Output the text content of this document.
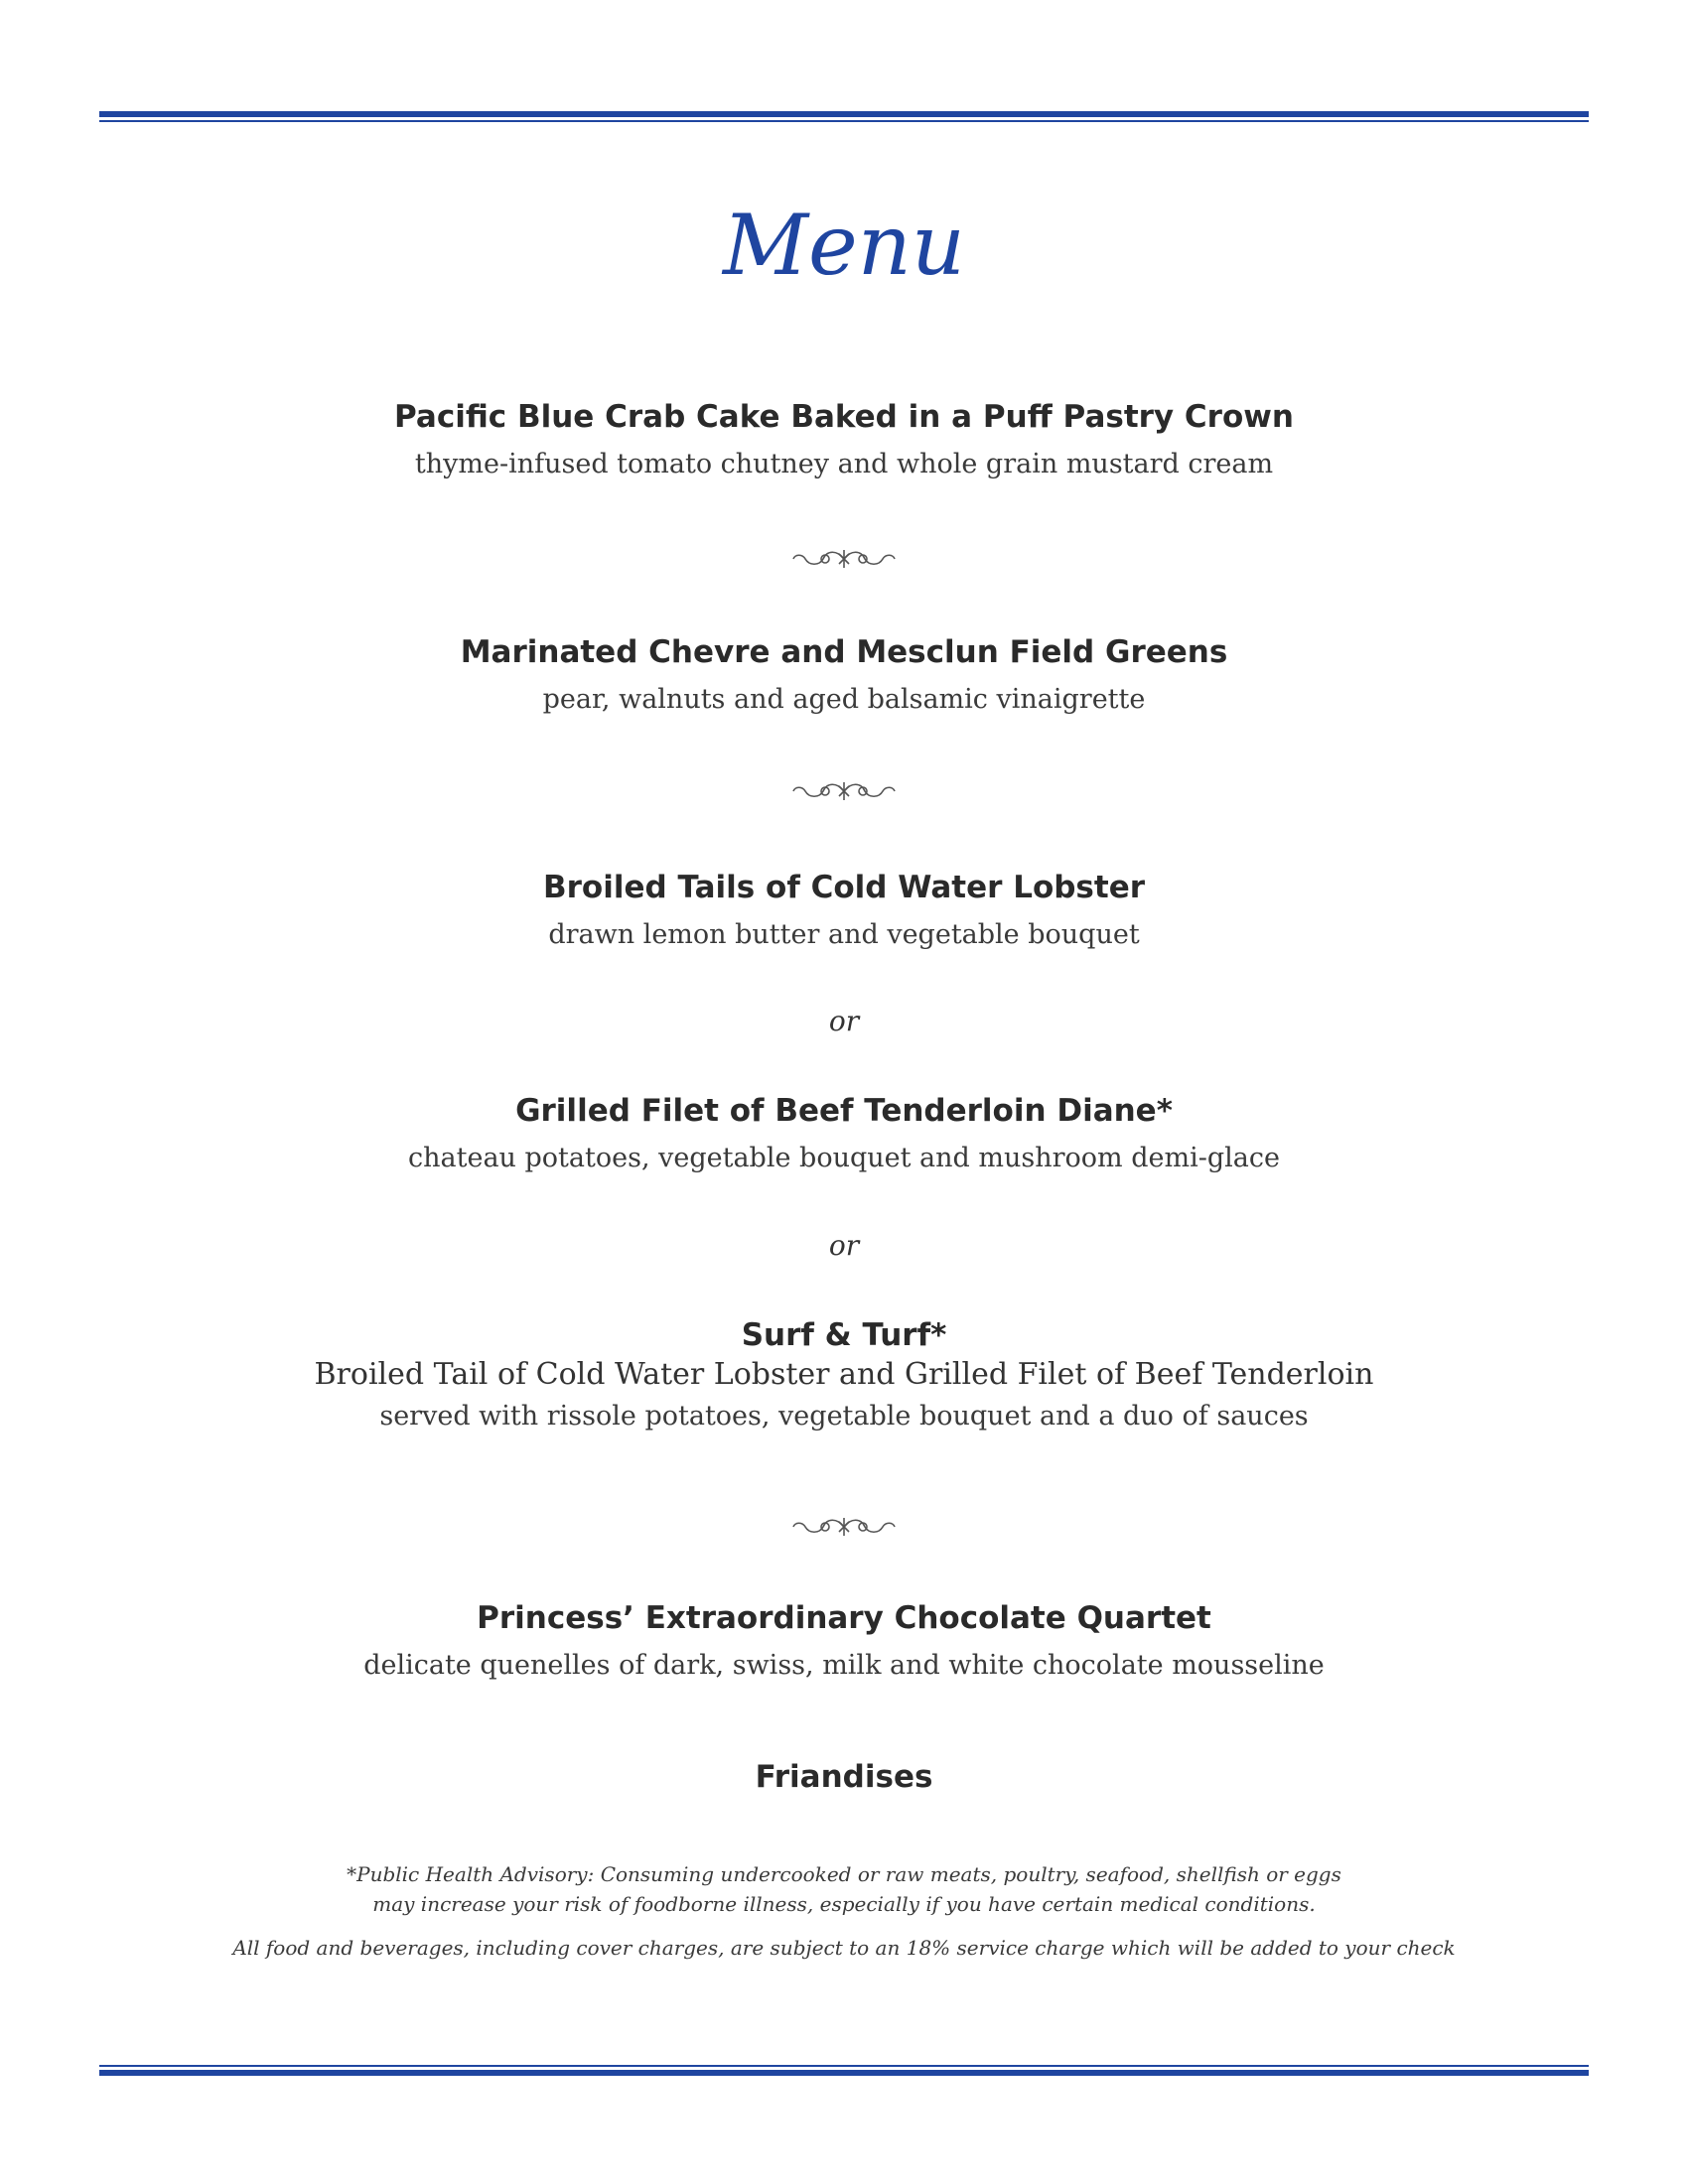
Menu
Pacific Blue Crab Cake Baked in a Puff Pastry Crown
thyme-infused tomato chutney and whole grain mustard cream
Marinated Chevre and Mesclun Field Greens
pear, walnuts and aged balsamic vinaigrette
Broiled Tails of Cold Water Lobster
drawn lemon butter and vegetable bouquet
or
Grilled Filet of Beef Tenderloin Diane*
chateau potatoes, vegetable bouquet and mushroom demi-glace
or
Surf & Turf*
Broiled Tail of Cold Water Lobster and Grilled Filet of Beef Tenderloin
served with rissole potatoes, vegetable bouquet and a duo of sauces
Princess’ Extraordinary Chocolate Quartet
delicate quenelles of dark, swiss, milk and white chocolate mousseline
Friandises
*Public Health Advisory: Consuming undercooked or raw meats, poultry, seafood, shellfish or eggs
may increase your risk of foodborne illness, especially if you have certain medical conditions.
All food and beverages, including cover charges, are subject to an 18% service charge which will be added to your check
